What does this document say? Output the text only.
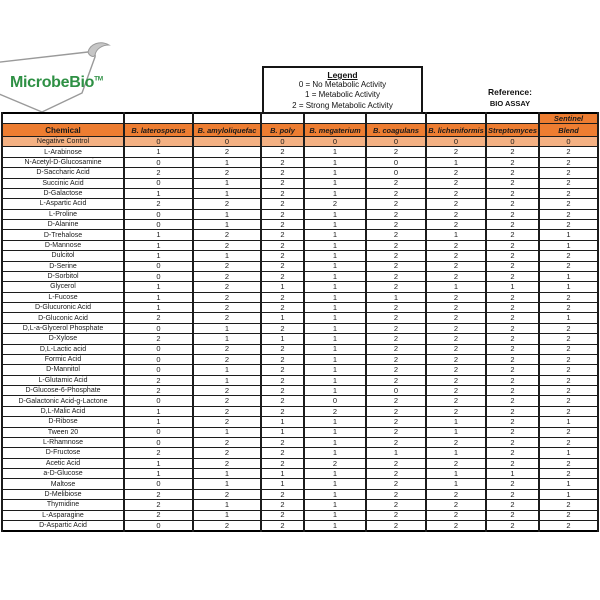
MicrobeBio™	Legend
0 = No Metabolic Activity
1 = Metabolic Activity
2 = Strong Metabolic Activity
Reference:
BIO ASSAY
								Sentinel
Chemical	B. laterosporus	B. amyloliquefac	B. poly	B. megaterium	B. coagulans	B. licheniformis	Streptomyces	Blend
Negative Control	0	0	0	0	0	0	0	0
L-Arabinose	1	2	2	1	2	2	2	2
N-Acetyl-D-Glucosamine	0	1	2	1	0	1	2	2
D-Saccharic Acid	2	2	2	1	0	2	2	2
Succinic Acid	0	1	2	1	2	2	2	2
D-Galactose	1	1	2	1	2	2	2	2
L-Aspartic Acid	2	2	2	2	2	2	2	2
L-Proline	0	1	2	1	2	2	2	2
D-Alanine	0	1	2	1	2	2	2	2
D-Trehalose	1	2	2	1	2	1	2	1
D-Mannose	1	2	2	1	2	2	2	1
Dulcitol	1	1	2	1	2	2	2	2
D-Serine	0	2	2	1	2	2	2	2
D-Sorbitol	0	2	2	1	2	2	2	1
Glycerol	1	2	1	1	2	1	1	1
L-Fucose	1	2	2	1	1	2	2	2
D-Glucuronic Acid	1	2	2	1	2	2	2	2
D-Gluconic Acid	2	2	1	1	2	2	2	1
D,L-a-Glycerol Phosphate	0	1	2	1	2	2	2	2
D-Xylose	2	1	1	1	2	2	2	2
D,L-Lactic acid	0	2	2	1	2	2	2	2
Formic Acid	0	2	2	1	2	2	2	2
D-Mannitol	0	1	2	1	2	2	2	2
L-Glutamic Acid	2	1	2	1	2	2	2	2
D-Glucose-6-Phosphate	2	2	2	1	0	2	2	2
D-Galactonic Acid-g-Lactone	0	2	2	0	2	2	2	2
D,L-Malic Acid	1	2	2	2	2	2	2	2
D-Ribose	1	2	1	1	2	1	2	1
Tween 20	0	1	1	1	2	1	2	2
L-Rhamnose	0	2	2	1	2	2	2	2
D-Fructose	2	2	2	1	1	1	2	1
Acetic Acid	1	2	2	2	2	2	2	2
a-D-Glucose	1	1	1	1	2	1	1	2
Maltose	0	1	1	1	2	1	2	1
D-Melibiose	2	2	2	1	2	2	2	1
Thymidine	2	1	2	1	2	2	2	2
L-Asparagine	2	1	2	1	2	2	2	2
D-Aspartic Acid	0	2	2	1	2	2	2	2
